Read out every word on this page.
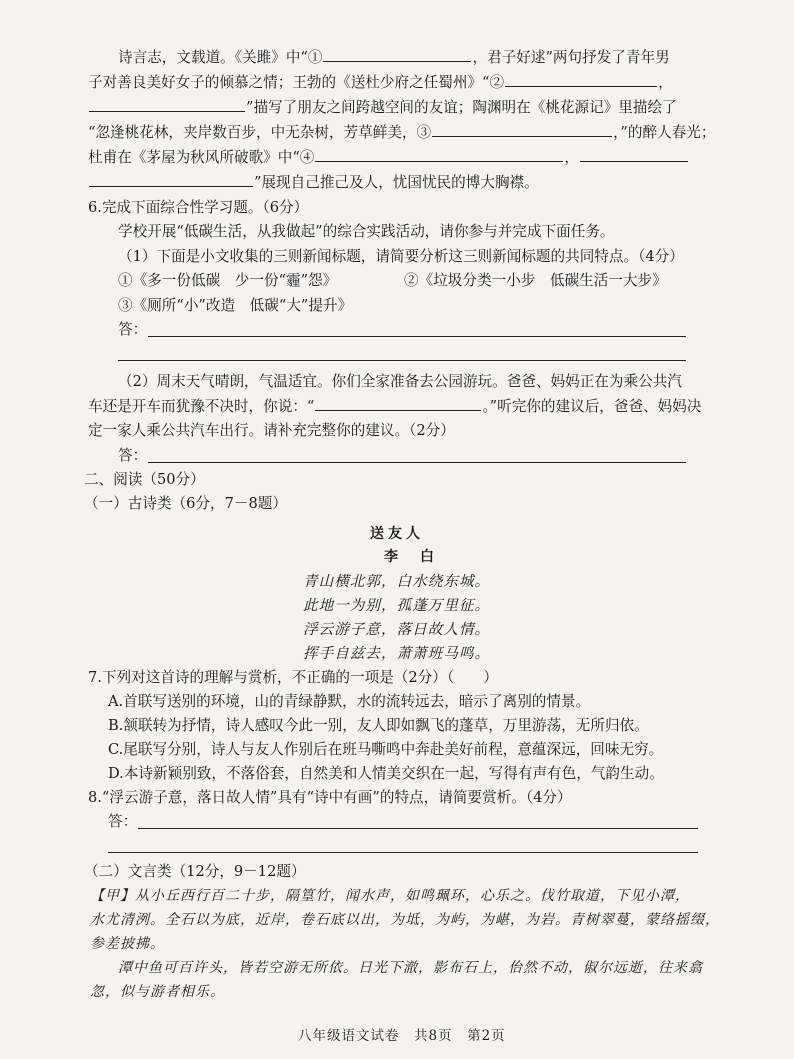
诗言志，文载道。《关雎》中“①	，君子好逑”两句抒发了青年男
子对善良美好女子的倾慕之情；王勃的《送杜少府之任蜀州》“②	，
”描写了朋友之间跨越空间的友谊；陶渊明在《桃花源记》里描绘了
“忽逢桃花林，夹岸数百步，中无杂树，芳草鲜美，③	，”的醉人春光；
杜甫在《茅屋为秋风所破歌》中“④	，
”展现自己推己及人，忧国忧民的博大胸襟。
6.完成下面综合性学习题。（6分）
学校开展“低碳生活，从我做起”的综合实践活动，请你参与并完成下面任务。
（1）下面是小文收集的三则新闻标题，请简要分析这三则新闻标题的共同特点。（4分）
①《多一份低碳　少一份“霾”怨》	②《垃圾分类一小步　低碳生活一大步》
③《厕所“小”改造　低碳“大”提升》
答：
（2）周末天气晴朗，气温适宜。你们全家准备去公园游玩。爸爸、妈妈正在为乘公共汽
车还是开车而犹豫不决时，你说：“	。”听完你的建议后，爸爸、妈妈决
定一家人乘公共汽车出行。请补充完整你的建议。（2分）
答：
二、阅读（50分）
（一）古诗类（6分，7－8题）
送友人
李　白
青山横北郭，白水绕东城。
此地一为别，孤蓬万里征。
浮云游子意，落日故人情。
挥手自兹去，萧萧班马鸣。
7.下列对这首诗的理解与赏析，不正确的一项是（2分）（　　）
A.首联写送别的环境，山的青绿静默，水的流转远去，暗示了离别的情景。
B.颔联转为抒情，诗人感叹今此一别，友人即如飘飞的蓬草，万里游荡，无所归依。
C.尾联写分别，诗人与友人作别后在班马嘶鸣中奔赴美好前程，意蕴深远，回味无穷。
D.本诗新颖别致，不落俗套，自然美和人情美交织在一起，写得有声有色，气韵生动。
8.“浮云游子意，落日故人情”具有“诗中有画”的特点，请简要赏析。（4分）
答：
（二）文言类（12分，9－12题）
【甲】从小丘西行百二十步，隔篁竹，闻水声，如鸣珮环，心乐之。伐竹取道，下见小潭，
水尤清洌。全石以为底，近岸，卷石底以出，为坻，为屿，为嵁，为岩。青树翠蔓，蒙络摇缀，
参差披拂。
潭中鱼可百许头，皆若空游无所依。日光下澈，影布石上，佁然不动，俶尔远逝，往来翕
忽，似与游者相乐。
八年级语文试卷　共8页　第2页
